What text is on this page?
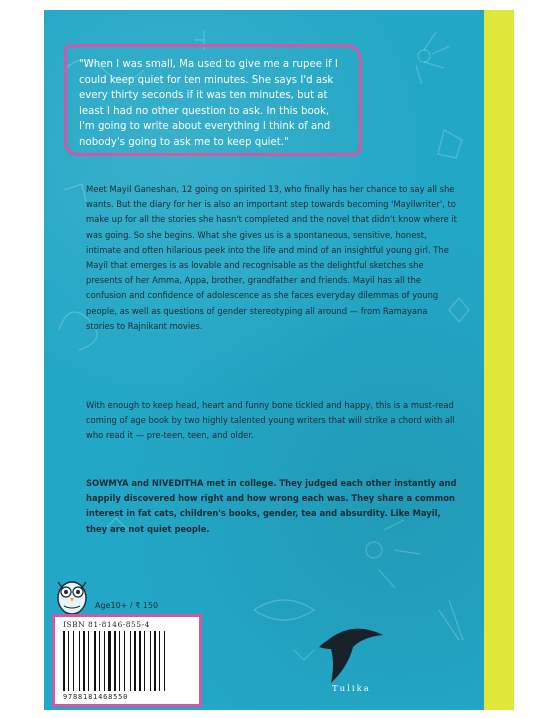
"When I was small, Ma used to give me a rupee if I could keep quiet for ten minutes. She says I'd ask every thirty seconds if it was ten minutes, but at least I had no other question to ask. In this book, I'm going to write about everything I think of and nobody's going to ask me to keep quiet."

Meet Mayil Ganeshan, 12 going on spirited 13, who finally has her chance to say all she wants. But the diary for her is also an important step towards becoming 'Mayilwriter', to make up for all the stories she hasn't completed and the novel that didn't know where it was going. So she begins. What she gives us is a spontaneous, sensitive, honest, intimate and often hilarious peek into the life and mind of an insightful young girl. The Mayil that emerges is as lovable and recognisable as the delightful sketches she presents of her Amma, Appa, brother, grandfather and friends. Mayil has all the confusion and confidence of adolescence as she faces everyday dilemmas of young people, as well as questions of gender stereotyping all around — from Ramayana stories to Rajnikant movies.

With enough to keep head, heart and funny bone tickled and happy, this is a must-read coming of age book by two highly talented young writers that will strike a chord with all who read it — pre-teen, teen, and older.

SOWMYA and NIVEDITHA met in college. They judged each other instantly and happily discovered how right and how wrong each was. They share a common interest in fat cats, children's books, gender, tea and absurdity. Like Mayil, they are not quiet people.

Age10+ / ₹ 150
ISBN 81-8146-855-4
9788181468550
Tulika
